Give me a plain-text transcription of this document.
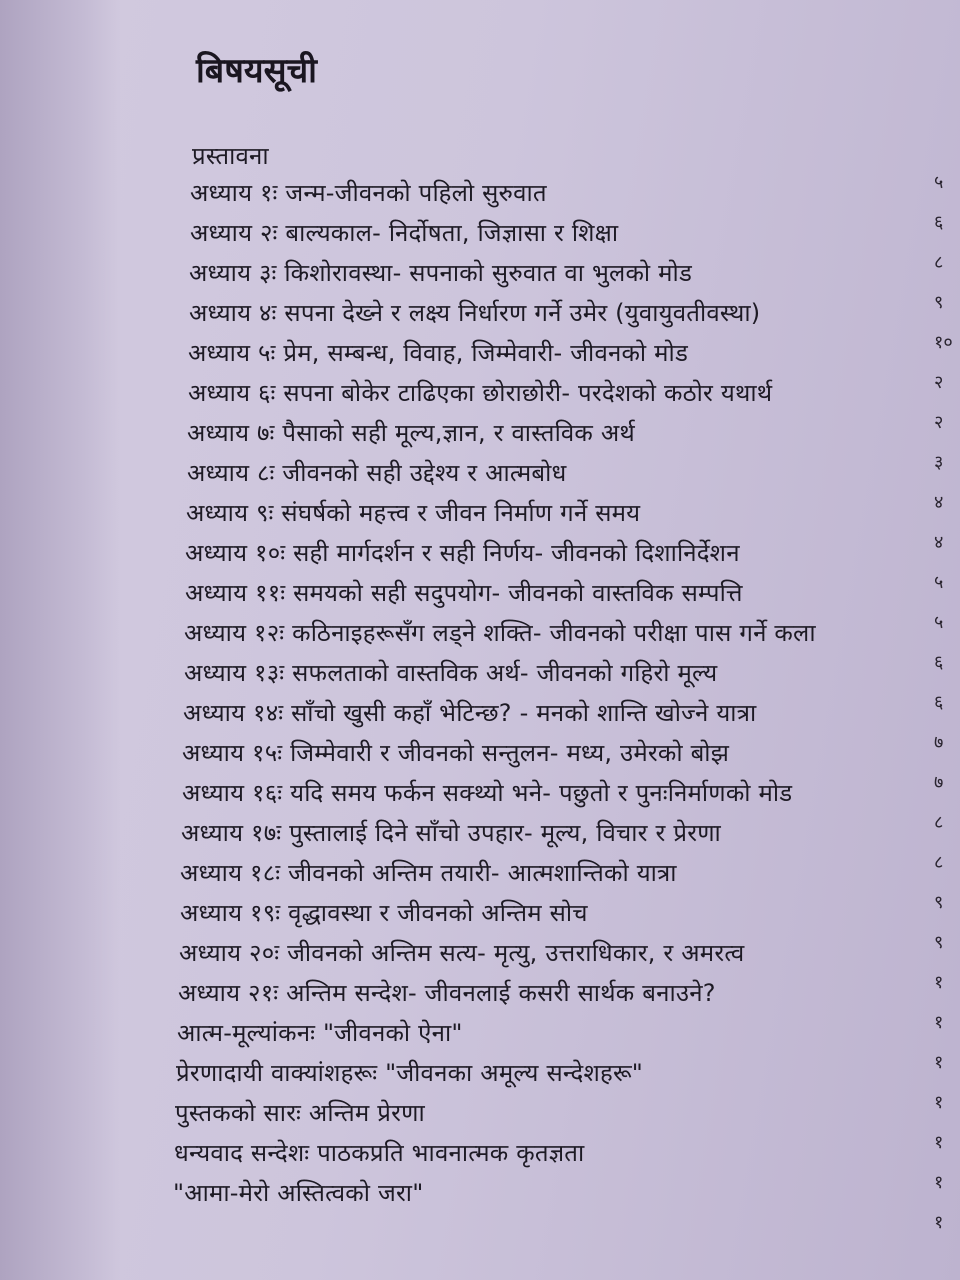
बिषयसूची
प्रस्तावना
अध्याय १ः जन्म-जीवनको पहिलो सुरुवात
अध्याय २ः बाल्यकाल- निर्दोषता, जिज्ञासा र शिक्षा
अध्याय ३ः किशोरावस्था- सपनाको सुरुवात वा भुलको मोड
अध्याय ४ः सपना देख्ने र लक्ष्य निर्धारण गर्ने उमेर (युवायुवतीवस्था)
अध्याय ५ः प्रेम, सम्बन्ध, विवाह, जिम्मेवारी- जीवनको मोड
अध्याय ६ः सपना बोकेर टाढिएका छोराछोरी- परदेशको कठोर यथार्थ
अध्याय ७ः पैसाको सही मूल्य,ज्ञान, र वास्तविक अर्थ
अध्याय ८ः जीवनको सही उद्देश्य र आत्मबोध
अध्याय ९ः संघर्षको महत्त्व र जीवन निर्माण गर्ने समय
अध्याय १०ः सही मार्गदर्शन र सही निर्णय- जीवनको दिशानिर्देशन
अध्याय ११ः समयको सही सदुपयोग- जीवनको वास्तविक सम्पत्ति
अध्याय १२ः कठिनाइहरूसँग लड्ने शक्ति- जीवनको परीक्षा पास गर्ने कला
अध्याय १३ः सफलताको वास्तविक अर्थ- जीवनको गहिरो मूल्य
अध्याय १४ः साँचो खुसी कहाँ भेटिन्छ? - मनको शान्ति खोज्ने यात्रा
अध्याय १५ः जिम्मेवारी र जीवनको सन्तुलन- मध्य, उमेरको बोझ
अध्याय १६ः यदि समय फर्कन सक्थ्यो भने- पछुतो र पुनःनिर्माणको मोड
अध्याय १७ः पुस्तालाई दिने साँचो उपहार- मूल्य, विचार र प्रेरणा
अध्याय १८ः जीवनको अन्तिम तयारी- आत्मशान्तिको यात्रा
अध्याय १९ः वृद्धावस्था र जीवनको अन्तिम सोच
अध्याय २०ः जीवनको अन्तिम सत्य- मृत्यु, उत्तराधिकार, र अमरत्व
अध्याय २१ः अन्तिम सन्देश- जीवनलाई कसरी सार्थक बनाउने?
आत्म-मूल्यांकनः "जीवनको ऐना"
प्रेरणादायी वाक्यांशहरूः "जीवनका अमूल्य सन्देशहरू"
पुस्तकको सारः अन्तिम प्रेरणा
धन्यवाद सन्देशः पाठकप्रति भावनात्मक कृतज्ञता
"आमा-मेरो अस्तित्वको जरा"
५
६
८
९
१०
२
२
३
४
४
५
५
६
६
७
७
८
८
९
९
१
१
१
१
१
१
१
